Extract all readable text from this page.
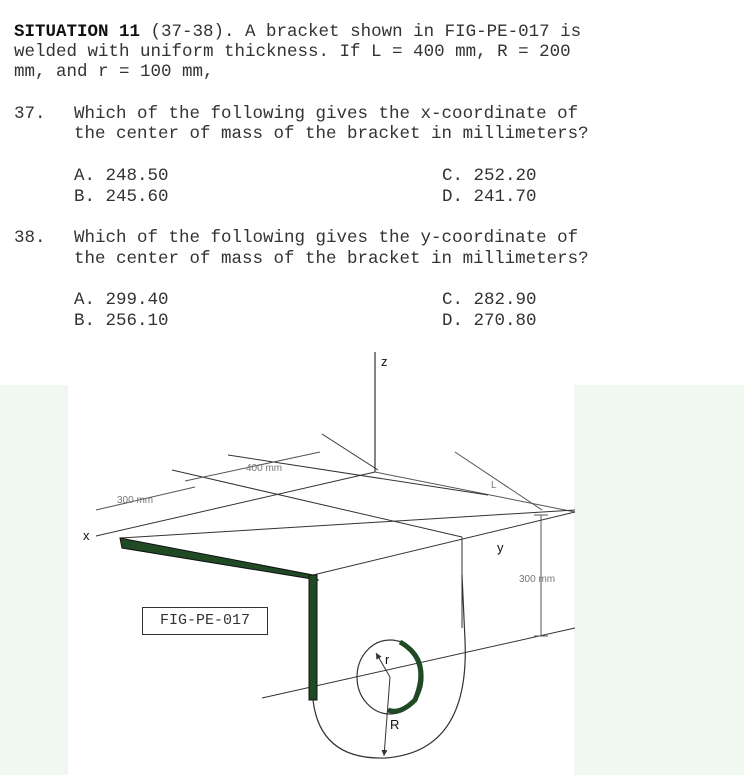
SITUATION 11 (37-38). A bracket shown in FIG-PE-017 is
welded with uniform thickness. If L = 400 mm, R = 200
mm, and r = 100 mm,
37. Which of the following gives the x-coordinate of
the center of mass of the bracket in millimeters?
A. 248.50
B. 245.60
C. 252.20
D. 241.70
38. Which of the following gives the y-coordinate of
the center of mass of the bracket in millimeters?
A. 299.40
B. 256.10
C. 282.90
D. 270.80
z
x
y
400 mm
300 mm
300 mm
L
r
R
FIG-PE-017
